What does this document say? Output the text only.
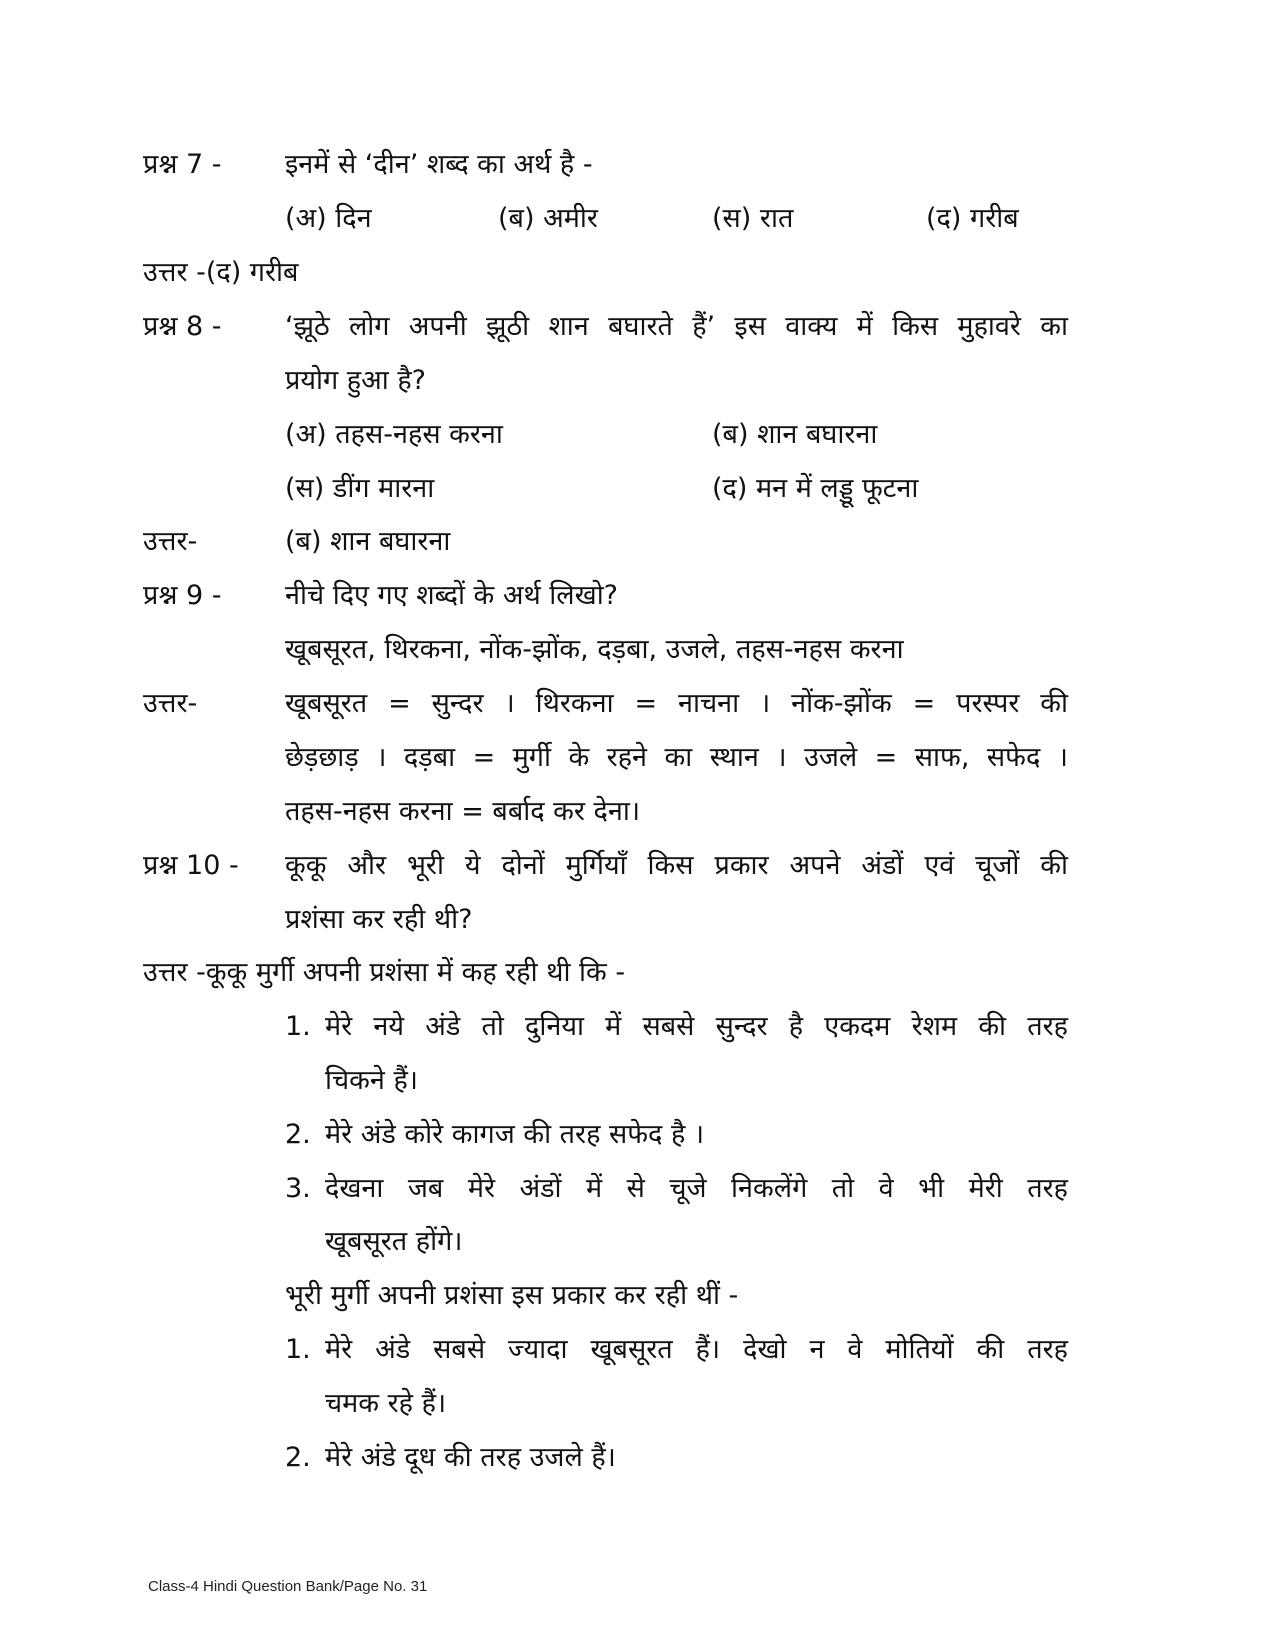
प्रश्न 7 - इनमें से ‘दीन’ शब्द का अर्थ है -
(अ) दिन	(ब) अमीर	(स) रात	(द) गरीब
उत्तर -(द) गरीब
प्रश्न 8 - ‘झूठे लोग अपनी झूठी शान बघारते हैं’ इस वाक्य में किस मुहावरे का
प्रयोग हुआ है?
(अ) तहस-नहस करना	(ब) शान बघारना
(स) डींग मारना	(द) मन में लड्डू फूटना
उत्तर-	(ब) शान बघारना
प्रश्न 9 - नीचे दिए गए शब्दों के अर्थ लिखो?
खूबसूरत, थिरकना, नोंक-झोंक, दड़बा, उजले, तहस-नहस करना
उत्तर-	खूबसूरत = सुन्दर । थिरकना = नाचना । नोंक-झोंक = परस्पर की
छेड़छाड़ । दड़बा = मुर्गी के रहने का स्थान । उजले = साफ, सफेद ।
तहस-नहस करना = बर्बाद कर देना।
प्रश्न 10 - कूकू और भूरी ये दोनों मुर्गियाँ किस प्रकार अपने अंडों एवं चूजों की
प्रशंसा कर रही थी?
उत्तर -कूकू मुर्गी अपनी प्रशंसा में कह रही थी कि -
1. मेरे नये अंडे तो दुनिया में सबसे सुन्दर है एकदम रेशम की तरह
चिकने हैं।
2. मेरे अंडे कोरे कागज की तरह सफेद है ।
3. देखना जब मेरे अंडों में से चूजे निकलेंगे तो वे भी मेरी तरह
खूबसूरत होंगे।
भूरी मुर्गी अपनी प्रशंसा इस प्रकार कर रही थीं -
1. मेरे अंडे सबसे ज्यादा खूबसूरत हैं। देखो न वे मोतियों की तरह
चमक रहे हैं।
2. मेरे अंडे दूध की तरह उजले हैं।
Class-4 Hindi Question Bank/Page No. 31
